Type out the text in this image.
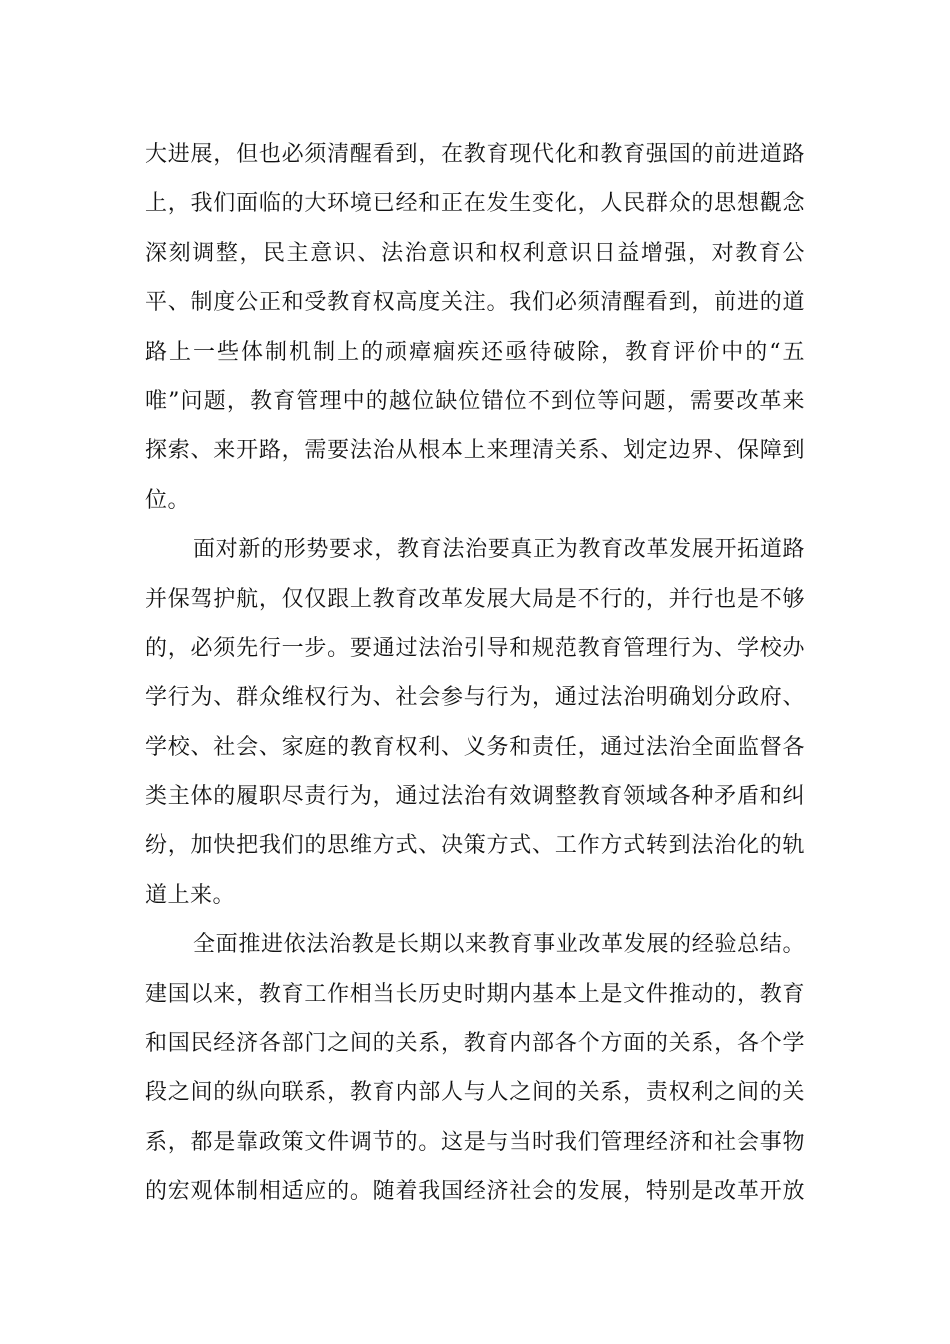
大进展，但也必须清醒看到，在教育现代化和教育强国的前进道路
上，我们面临的大环境已经和正在发生变化，人民群众的思想觀念
深刻调整，民主意识、法治意识和权利意识日益增强，对教育公
平、制度公正和受教育权高度关注。我们必须清醒看到，前进的道
路上一些体制机制上的顽瘴痼疾还亟待破除，教育评价中的“五
唯”问题，教育管理中的越位缺位错位不到位等问题，需要改革来
探索、来开路，需要法治从根本上来理清关系、划定边界、保障到
位。
面对新的形势要求，教育法治要真正为教育改革发展开拓道路
并保驾护航，仅仅跟上教育改革发展大局是不行的，并行也是不够
的，必须先行一步。要通过法治引导和规范教育管理行为、学校办
学行为、群众维权行为、社会参与行为，通过法治明确划分政府、
学校、社会、家庭的教育权利、义务和责任，通过法治全面监督各
类主体的履职尽责行为，通过法治有效调整教育领域各种矛盾和纠
纷，加快把我们的思维方式、决策方式、工作方式转到法治化的轨
道上来。
全面推进依法治教是长期以来教育事业改革发展的经验总结。
建国以来，教育工作相当长历史时期内基本上是文件推动的，教育
和国民经济各部门之间的关系，教育内部各个方面的关系，各个学
段之间的纵向联系，教育内部人与人之间的关系，责权利之间的关
系，都是靠政策文件调节的。这是与当时我们管理经济和社会事物
的宏观体制相适应的。随着我国经济社会的发展，特别是改革开放
